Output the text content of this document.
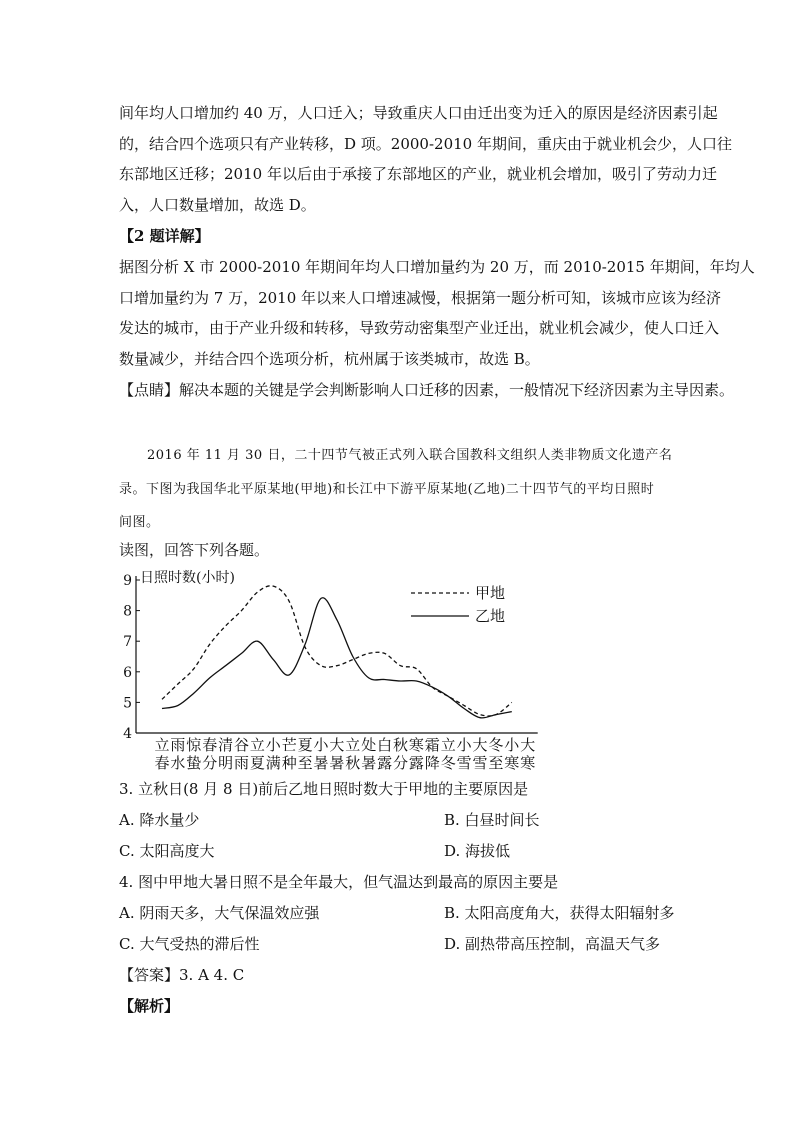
间年均人口增加约 40 万，人口迁入；导致重庆人口由迁出变为迁入的原因是经济因素引起
的，结合四个选项只有产业转移，D 项。2000-2010 年期间，重庆由于就业机会少，人口往
东部地区迁移；2010 年以后由于承接了东部地区的产业，就业机会增加，吸引了劳动力迁
入，人口数量增加，故选 D。
【2 题详解】
据图分析 X 市 2000-2010 年期间年均人口增加量约为 20 万，而 2010-2015 年期间，年均人
口增加量约为 7 万，2010 年以来人口增速减慢，根据第一题分析可知，该城市应该为经济
发达的城市，由于产业升级和转移，导致劳动密集型产业迁出，就业机会减少，使人口迁入
数量减少，并结合四个选项分析，杭州属于该类城市，故选 B。
【点睛】解决本题的关键是学会判断影响人口迁移的因素，一般情况下经济因素为主导因素。
2016 年 11 月 30 日，二十四节气被正式列入联合国教科文组织人类非物质文化遗产名
录。下图为我国华北平原某地(甲地)和长江中下游平原某地(乙地)二十四节气的平均日照时
间图。
读图，回答下列各题。
日照时数(小时)
4
5
6
7
8
9
立
春
雨
水
惊
蛰
春
分
清
明
谷
雨
立
夏
小
满
芒
种
夏
至
小
暑
大
暑
立
秋
处
暑
白
露
秋
分
寒
露
霜
降
立
冬
小
雪
大
雪
冬
至
小
寒
大
寒
甲地
乙地
3. 立秋日(8 月 8 日)前后乙地日照时数大于甲地的主要原因是
A. 降水量少	B. 白昼时间长
C. 太阳高度大	D. 海拔低
4. 图中甲地大暑日照不是全年最大，但气温达到最高的原因主要是
A. 阴雨天多，大气保温效应强	B. 太阳高度角大，获得太阳辐射多
C. 大气受热的滞后性	D. 副热带高压控制，高温天气多
【答案】3. A 4. C
【解析】
